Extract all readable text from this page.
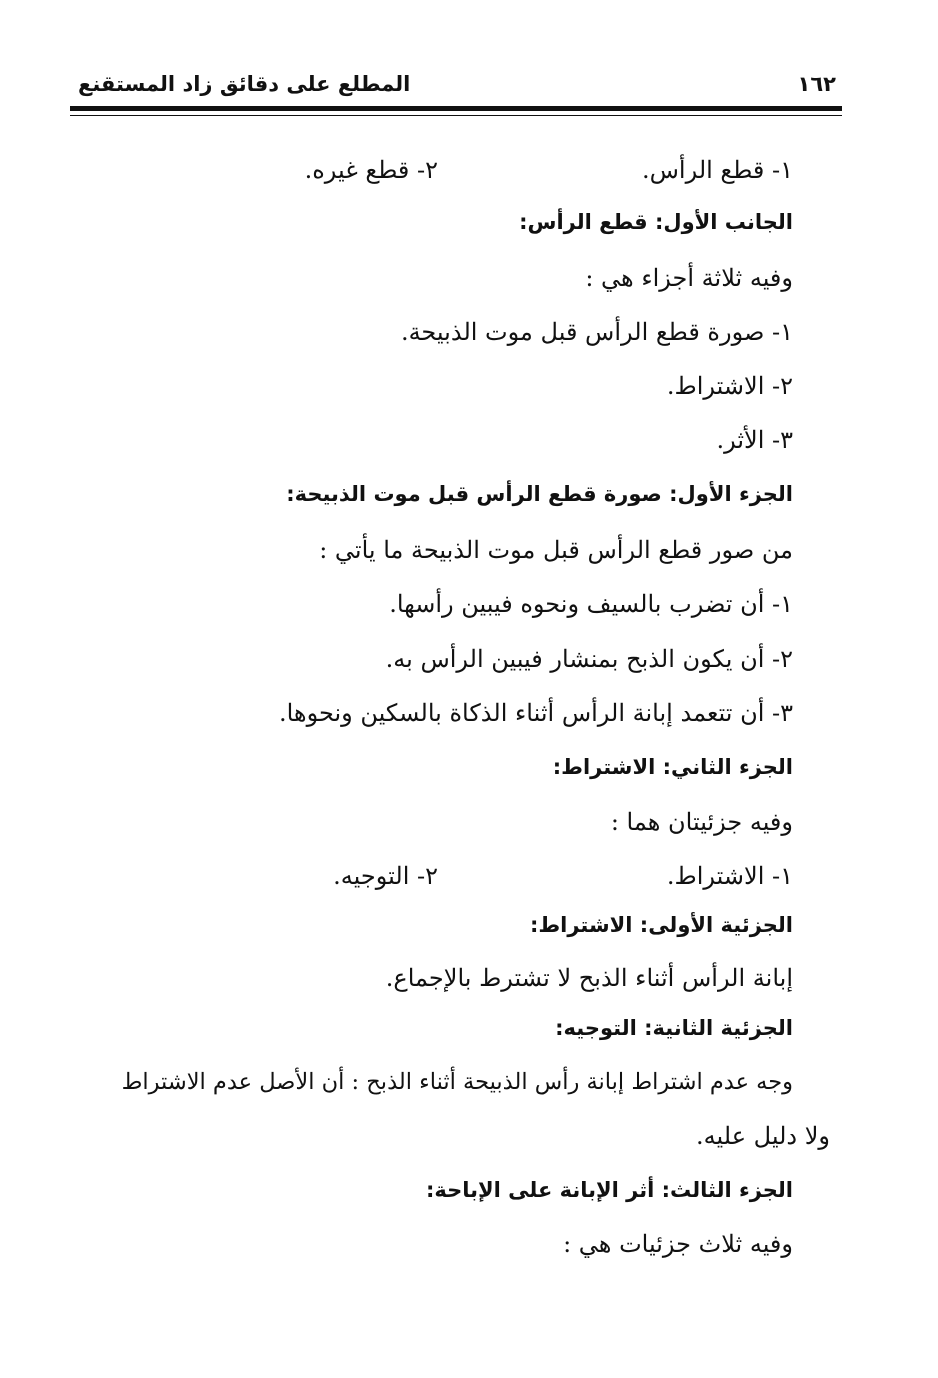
المطلع على دقائق زاد المستقنع	١٦٢
١- قطع الرأس.
٢- قطع غيره.
الجانب الأول: قطع الرأس:
وفيه ثلاثة أجزاء هي :
١- صورة قطع الرأس قبل موت الذبيحة.
٢- الاشتراط.
٣- الأثر.
الجزء الأول: صورة قطع الرأس قبل موت الذبيحة:
من صور قطع الرأس قبل موت الذبيحة ما يأتي :
١- أن تضرب بالسيف ونحوه فيبين رأسها.
٢- أن يكون الذبح بمنشار فيبين الرأس به.
٣- أن تتعمد إبانة الرأس أثناء الذكاة بالسكين ونحوها.
الجزء الثاني: الاشتراط:
وفيه جزئيتان هما :
١- الاشتراط.
٢- التوجيه.
الجزئية الأولى: الاشتراط:
إبانة الرأس أثناء الذبح لا تشترط بالإجماع.
الجزئية الثانية: التوجيه:
وجه عدم اشتراط إبانة رأس الذبيحة أثناء الذبح : أن الأصل عدم الاشتراط
ولا دليل عليه.
الجزء الثالث: أثر الإبانة على الإباحة:
وفيه ثلاث جزئيات هي :
